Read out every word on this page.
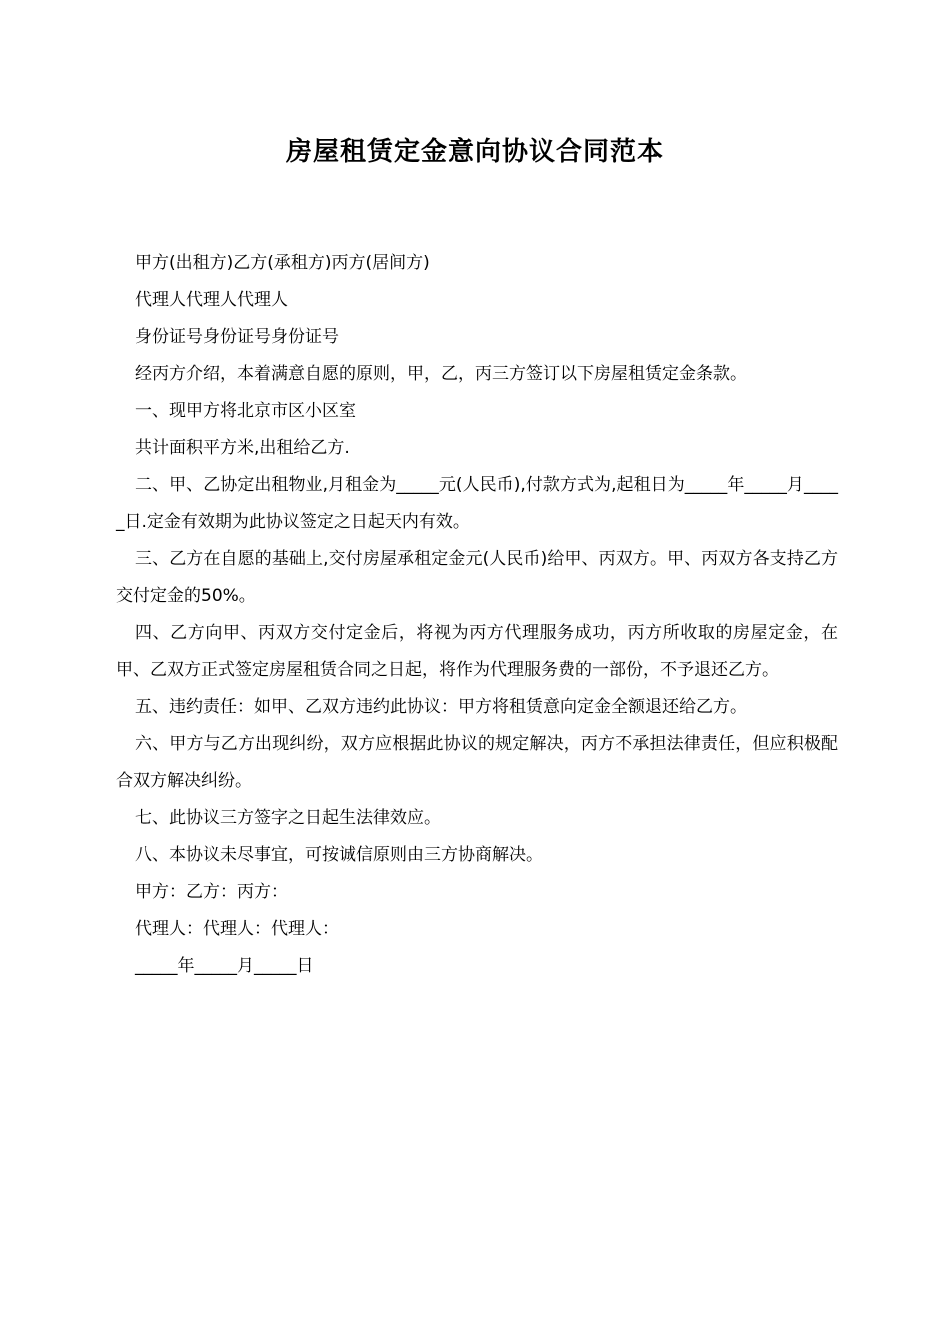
房屋租赁定金意向协议合同范本

甲方(出租方)乙方(承租方)丙方(居间方)

代理人代理人代理人

身份证号身份证号身份证号

经丙方介绍，本着满意自愿的原则，甲，乙，丙三方签订以下房屋租赁定金条款。

一、现甲方将北京市区小区室

共计面积平方米,出租给乙方.

二、甲、乙协定出租物业,月租金为_____元(人民币),付款方式为,起租日为_____年_____月_____日.定金有效期为此协议签定之日起天内有效。

三、乙方在自愿的基础上,交付房屋承租定金元(人民币)给甲、丙双方。甲、丙双方各支持乙方交付定金的50%。

四、乙方向甲、丙双方交付定金后，将视为丙方代理服务成功，丙方所收取的房屋定金，在甲、乙双方正式签定房屋租赁合同之日起，将作为代理服务费的一部份，不予退还乙方。

五、违约责任：如甲、乙双方违约此协议：甲方将租赁意向定金全额退还给乙方。

六、甲方与乙方出现纠纷，双方应根据此协议的规定解决，丙方不承担法律责任，但应积极配合双方解决纠纷。

七、此协议三方签字之日起生法律效应。

八、本协议未尽事宜，可按诚信原则由三方协商解决。

甲方：乙方：丙方：

代理人：代理人：代理人：

_____年_____月_____日
